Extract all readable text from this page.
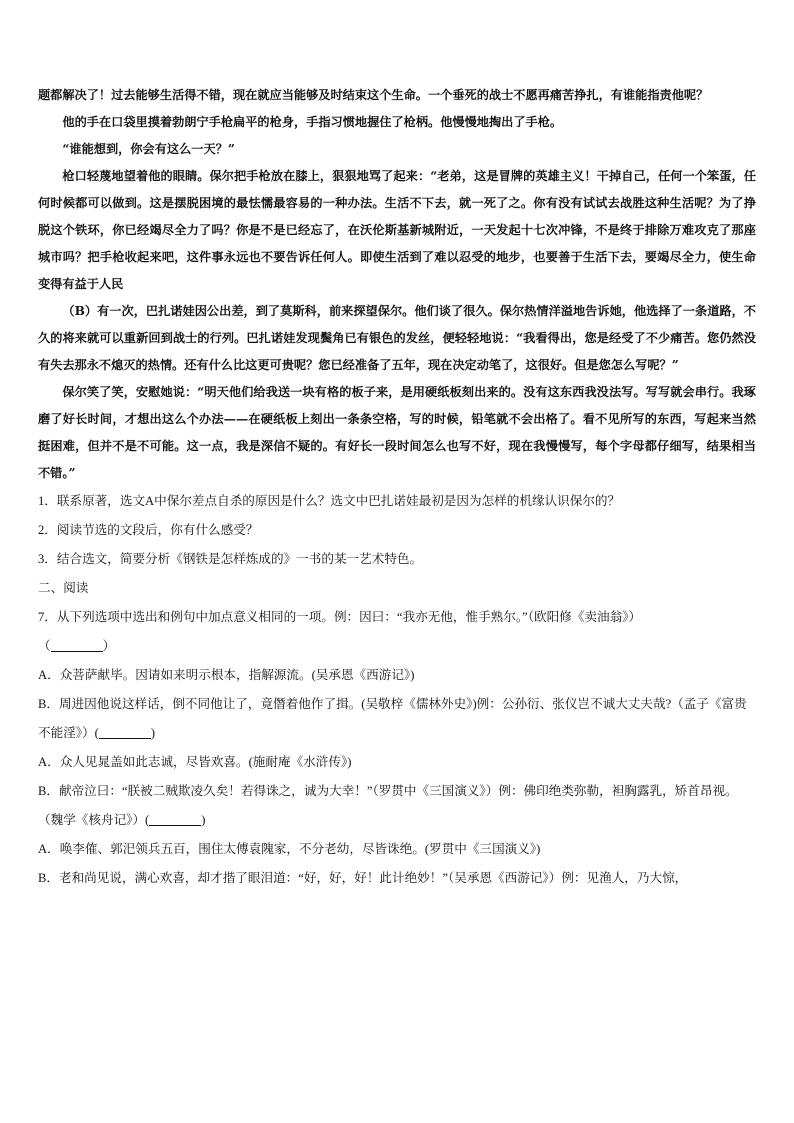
题都解决了！过去能够生活得不错，现在就应当能够及时结束这个生命。一个垂死的战士不愿再痛苦挣扎，有谁能指责他呢？

他的手在口袋里摸着勃朗宁手枪扁平的枪身，手指习惯地握住了枪柄。他慢慢地掏出了手枪。

“谁能想到，你会有这么一天？”

枪口轻蔑地望着他的眼睛。保尔把手枪放在膝上，狠狠地骂了起来：“老弟，这是冒牌的英雄主义！干掉自己，任何一个笨蛋，任何时候都可以做到。这是摆脱困境的最怯懦最容易的一种办法。生活不下去，就一死了之。你有没有试试去战胜这种生活呢？为了挣脱这个铁环，你已经竭尽全力了吗？你是不是已经忘了，在沃伦斯基新城附近，一天发起十七次冲锋，不是终于排除万难攻克了那座城市吗？把手枪收起来吧，这件事永远也不要告诉任何人。即使生活到了难以忍受的地步，也要善于生活下去，要竭尽全力，使生命变得有益于人民

（B）有一次，巴扎诺娃因公出差，到了莫斯科，前来探望保尔。他们谈了很久。保尔热情洋溢地告诉她，他选择了一条道路，不久的将来就可以重新回到战士的行列。巴扎诺娃发现鬓角已有银色的发丝，便轻轻地说：“我看得出，您是经受了不少痛苦。您仍然没有失去那永不熄灭的热情。还有什么比这更可贵呢？您已经准备了五年，现在决定动笔了，这很好。但是您怎么写呢？”

保尔笑了笑，安慰她说：“明天他们给我送一块有格的板子来，是用硬纸板刻出来的。没有这东西我没法写。写写就会串行。我琢磨了好长时间，才想出这么个办法——在硬纸板上刻出一条条空格，写的时候，铅笔就不会出格了。看不见所写的东西，写起来当然挺困难，但并不是不可能。这一点，我是深信不疑的。有好长一段时间怎么也写不好，现在我慢慢写，每个字母都仔细写，结果相当不错。”

1．联系原著，选文A中保尔差点自杀的原因是什么？选文中巴扎诺娃最初是因为怎样的机缘认识保尔的？

2．阅读节选的文段后，你有什么感受？

3．结合选文，简要分析《钢铁是怎样炼成的》一书的某一艺术特色。

二、阅读

7．从下列选项中选出和例句中加点意义相同的一项。例：因曰：“我亦无他，惟手熟尔。”（欧阳修《卖油翁》）
（	）

A．众菩萨献毕。因请如来明示根本，指解源流。(吴承恩《西游记》)

B．周进因他说这样话，倒不同他让了，竟僭着他作了揖。(吴敬梓《儒林外史》)例：公孙衍、张仪岂不诚大丈夫哉?（孟子《富贵不能淫》）(	)

A．众人见晁盖如此志诚，尽皆欢喜。(施耐庵《水浒传》)

B．献帝泣曰：“朕被二贼欺凌久矣！若得诛之，诚为大幸！”（罗贯中《三国演义》）例：佛印绝类弥勒，袒胸露乳，矫首昂视。（魏学《核舟记》）(	)

A．唤李傕、郭汜领兵五百，围住太傅袁隗家，不分老幼，尽皆诛绝。(罗贯中《三国演义》)

B．老和尚见说，满心欢喜，却才揩了眼泪道：“好，好，好！此计绝妙！”（吴承恩《西游记》）例：见渔人，乃大惊，
